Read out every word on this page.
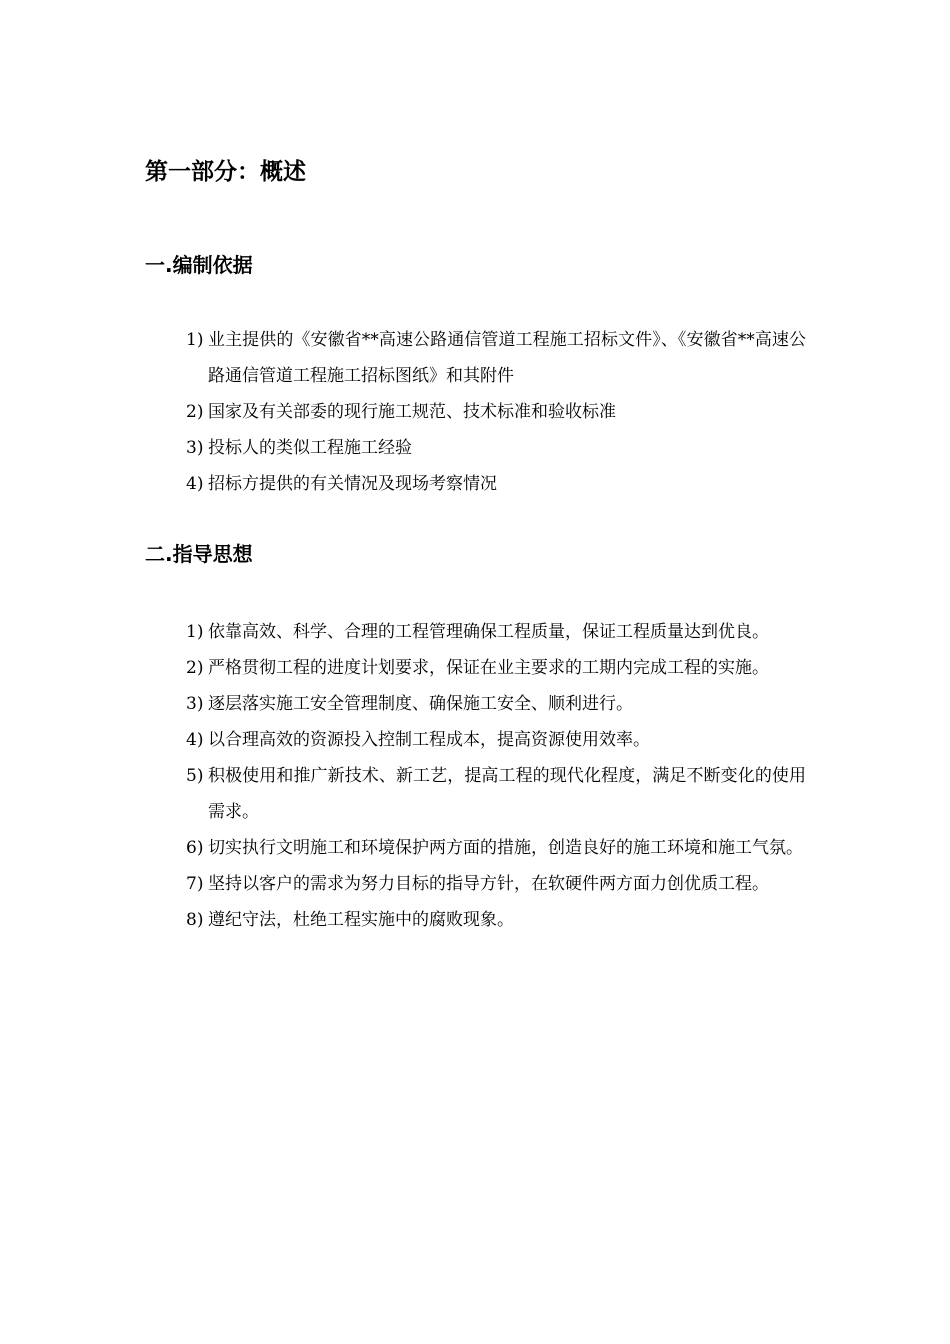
第一部分：概述
一.编制依据
1) 业主提供的《安徽省**高速公路通信管道工程施工招标文件》、《安徽省**高速公路通信管道工程施工招标图纸》和其附件
2) 国家及有关部委的现行施工规范、技术标准和验收标准
3) 投标人的类似工程施工经验
4) 招标方提供的有关情况及现场考察情况
二.指导思想
1) 依靠高效、科学、合理的工程管理确保工程质量，保证工程质量达到优良。
2) 严格贯彻工程的进度计划要求，保证在业主要求的工期内完成工程的实施。
3) 逐层落实施工安全管理制度、确保施工安全、顺利进行。
4) 以合理高效的资源投入控制工程成本，提高资源使用效率。
5) 积极使用和推广新技术、新工艺，提高工程的现代化程度，满足不断变化的使用需求。
6) 切实执行文明施工和环境保护两方面的措施，创造良好的施工环境和施工气氛。
7) 坚持以客户的需求为努力目标的指导方针，在软硬件两方面力创优质工程。
8) 遵纪守法，杜绝工程实施中的腐败现象。
